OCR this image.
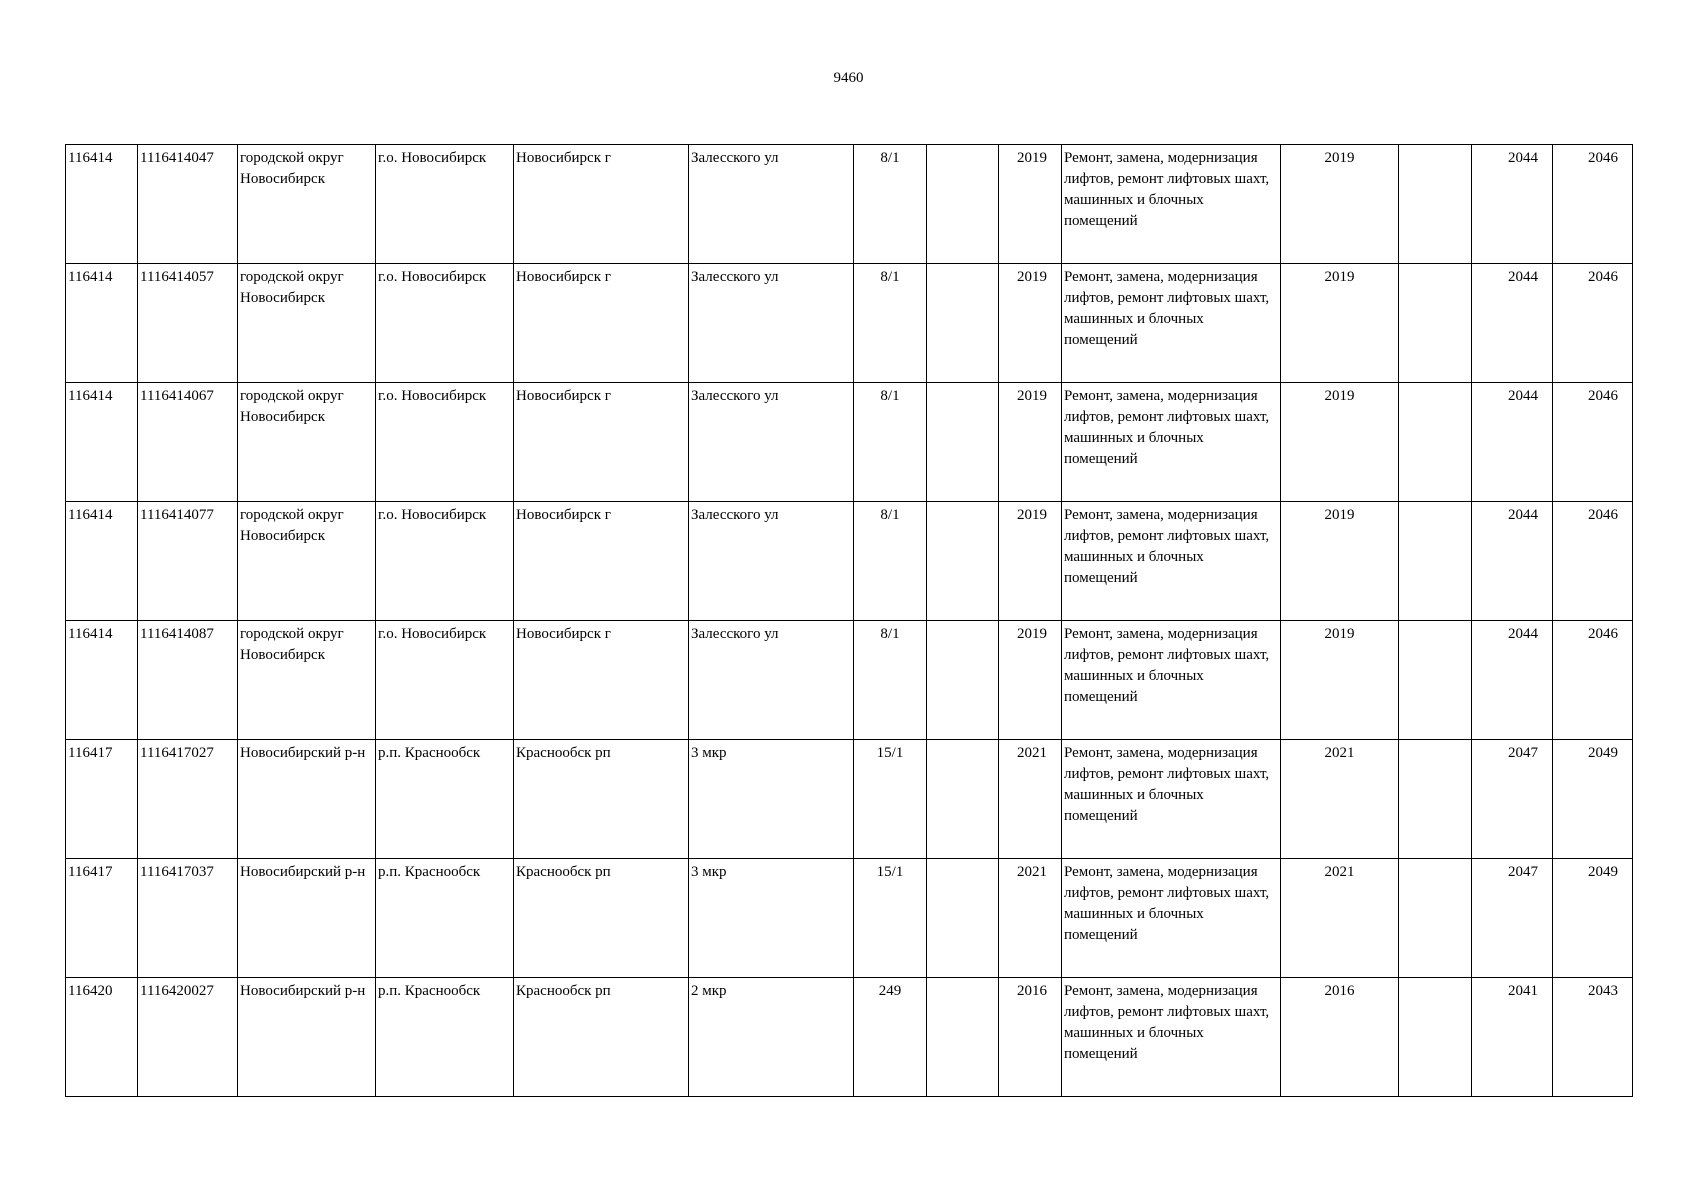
9460
116414	1116414047	городской округ Новосибирск	г.о. Новосибирск	Новосибирск г	Залесского ул	8/1		2019	Ремонт, замена, модернизация лифтов, ремонт лифтовых шахт, машинных и блочных помещений	2019		2044	2046
116414	1116414057	городской округ Новосибирск	г.о. Новосибирск	Новосибирск г	Залесского ул	8/1		2019	Ремонт, замена, модернизация лифтов, ремонт лифтовых шахт, машинных и блочных помещений	2019		2044	2046
116414	1116414067	городской округ Новосибирск	г.о. Новосибирск	Новосибирск г	Залесского ул	8/1		2019	Ремонт, замена, модернизация лифтов, ремонт лифтовых шахт, машинных и блочных помещений	2019		2044	2046
116414	1116414077	городской округ Новосибирск	г.о. Новосибирск	Новосибирск г	Залесского ул	8/1		2019	Ремонт, замена, модернизация лифтов, ремонт лифтовых шахт, машинных и блочных помещений	2019		2044	2046
116414	1116414087	городской округ Новосибирск	г.о. Новосибирск	Новосибирск г	Залесского ул	8/1		2019	Ремонт, замена, модернизация лифтов, ремонт лифтовых шахт, машинных и блочных помещений	2019		2044	2046
116417	1116417027	Новосибирский р-н	р.п. Краснообск	Краснообск рп	3 мкр	15/1		2021	Ремонт, замена, модернизация лифтов, ремонт лифтовых шахт, машинных и блочных помещений	2021		2047	2049
116417	1116417037	Новосибирский р-н	р.п. Краснообск	Краснообск рп	3 мкр	15/1		2021	Ремонт, замена, модернизация лифтов, ремонт лифтовых шахт, машинных и блочных помещений	2021		2047	2049
116420	1116420027	Новосибирский р-н	р.п. Краснообск	Краснообск рп	2 мкр	249		2016	Ремонт, замена, модернизация лифтов, ремонт лифтовых шахт, машинных и блочных помещений	2016		2041	2043
